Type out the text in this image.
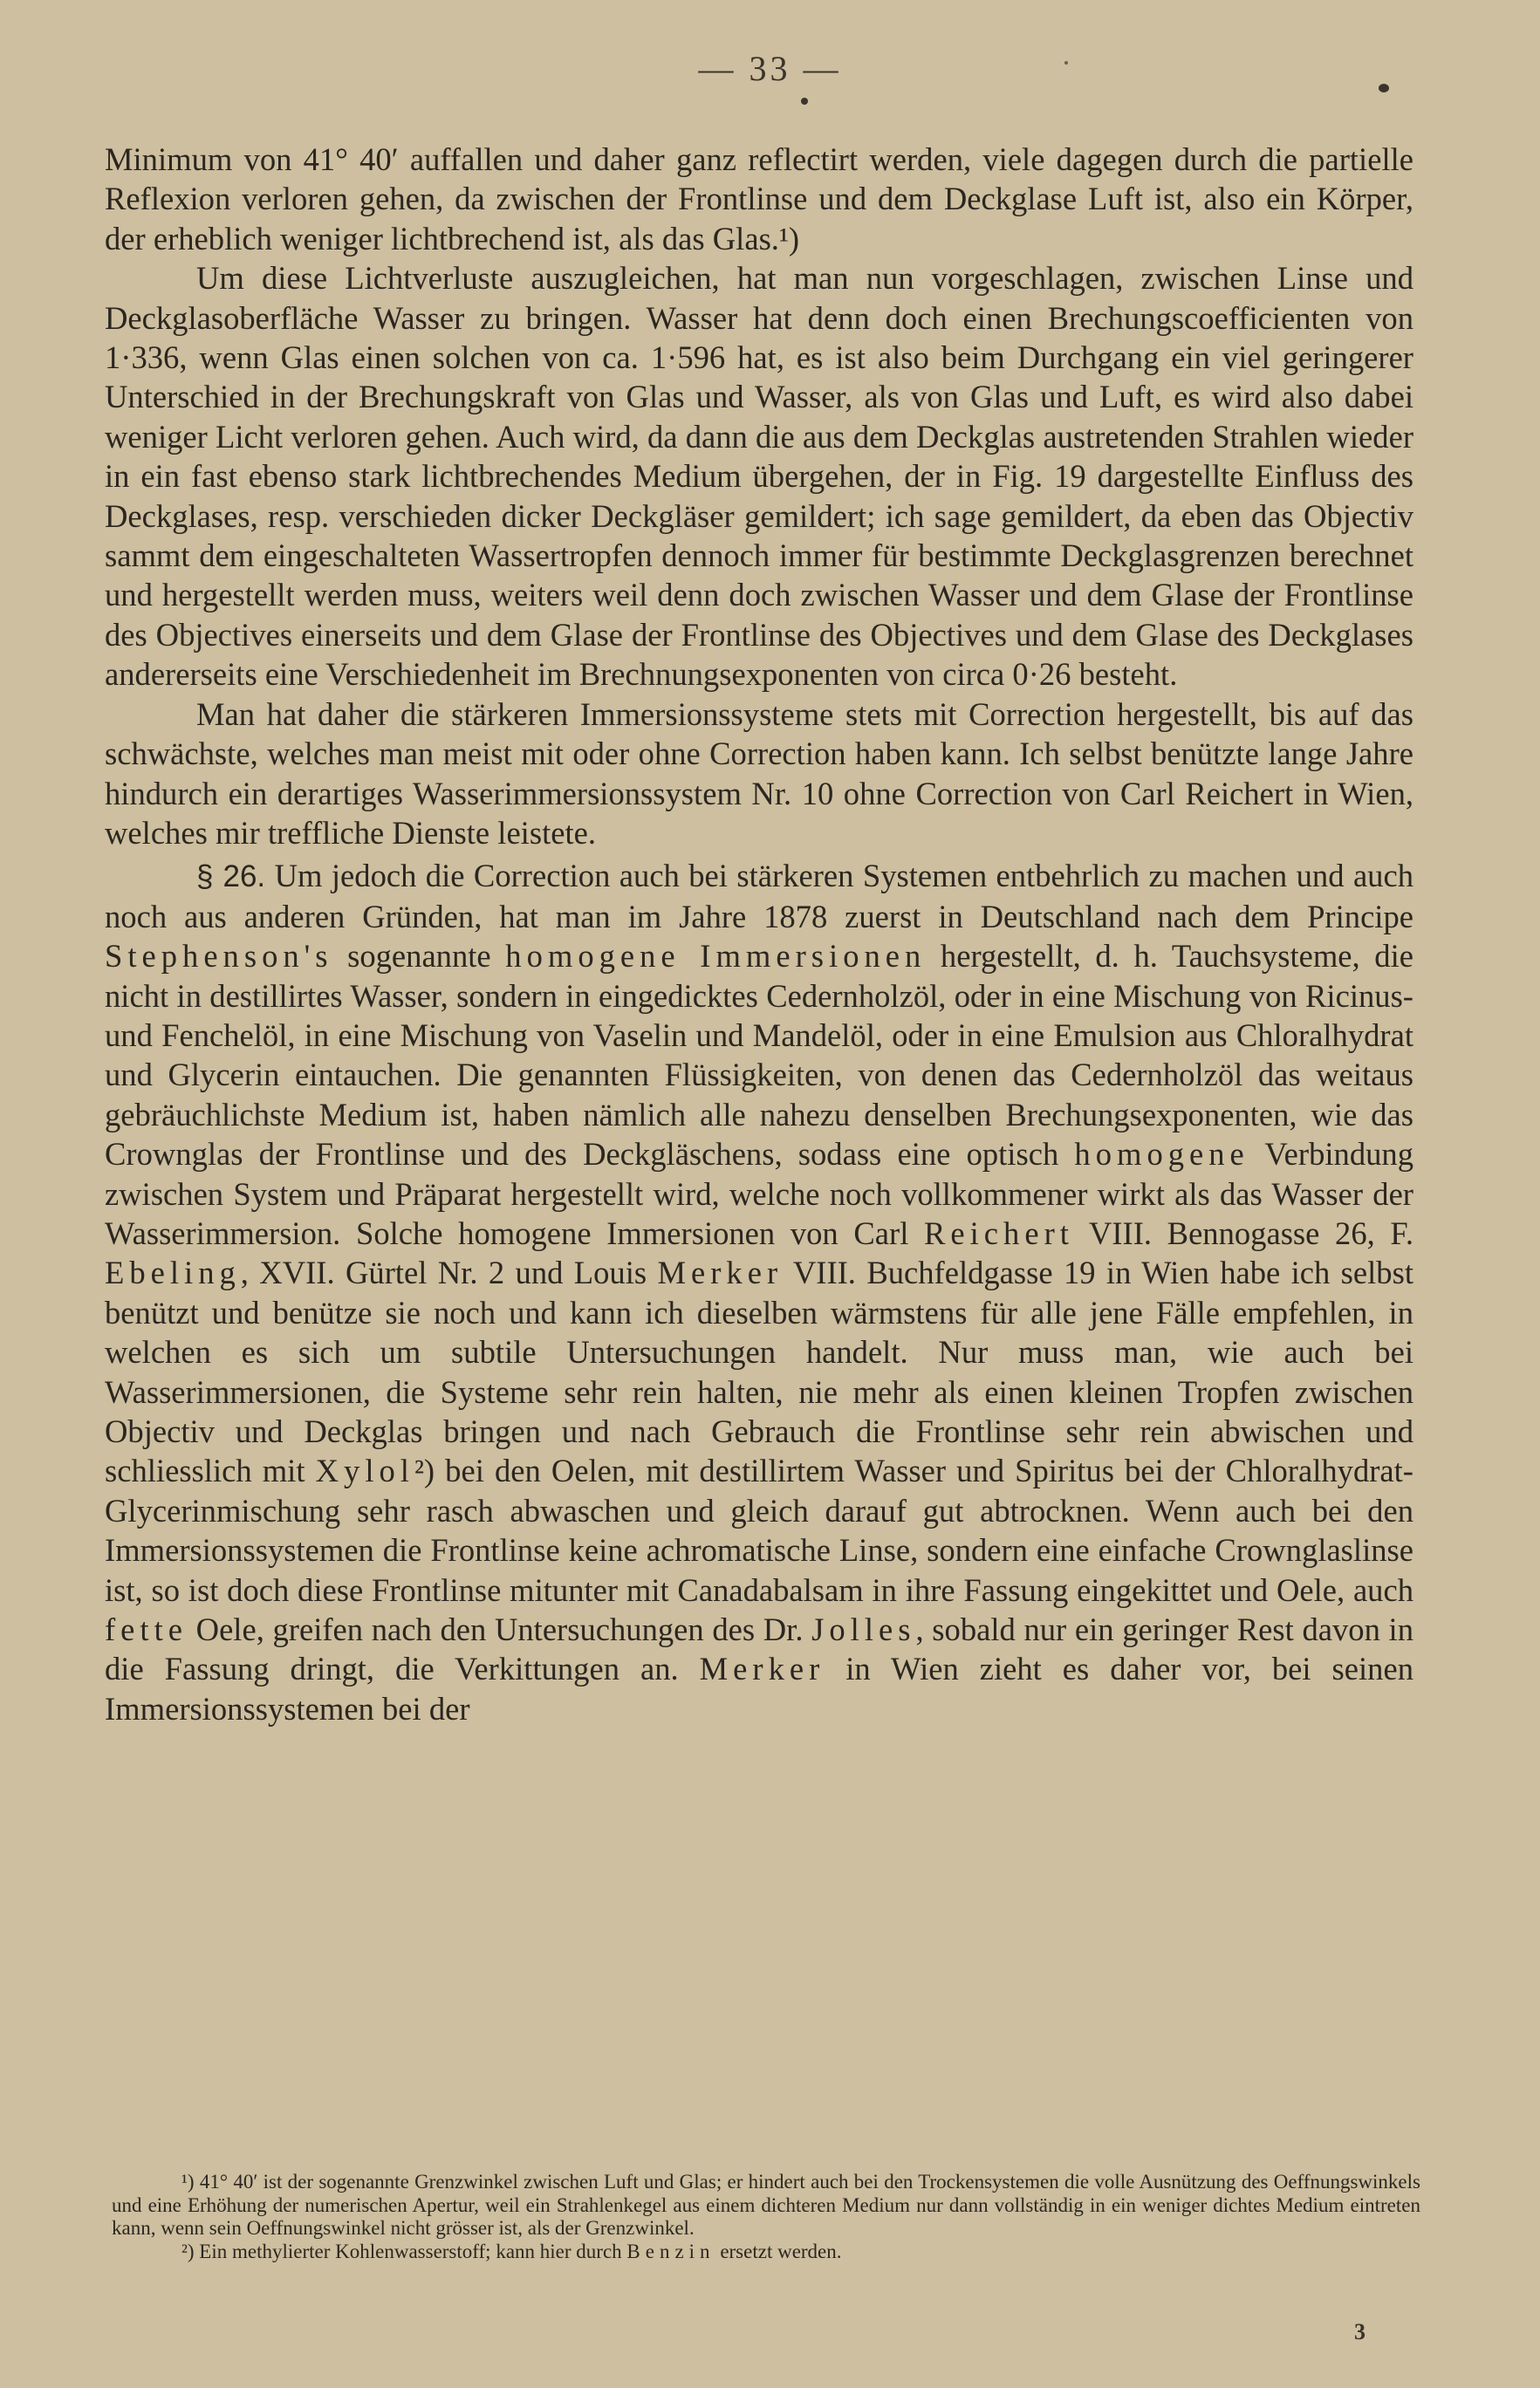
— 33 —

Minimum von 41° 40′ auffallen und daher ganz reflectirt werden, viele dagegen durch die partielle Reflexion verloren gehen, da zwischen der Frontlinse und dem Deckglase Luft ist, also ein Körper, der erheblich weniger lichtbrechend ist, als das Glas.¹)

Um diese Lichtverluste auszugleichen, hat man nun vorgeschlagen, zwischen Linse und Deckglasoberfläche Wasser zu bringen. Wasser hat denn doch einen Brechungscoefficienten von 1·336, wenn Glas einen solchen von ca. 1·596 hat, es ist also beim Durchgang ein viel geringerer Unterschied in der Brechungskraft von Glas und Wasser, als von Glas und Luft, es wird also dabei weniger Licht verloren gehen. Auch wird, da dann die aus dem Deckglas austretenden Strahlen wieder in ein fast ebenso stark lichtbrechendes Medium übergehen, der in Fig. 19 dargestellte Einfluss des Deckglases, resp. verschieden dicker Deckgläser gemildert; ich sage gemildert, da eben das Objectiv sammt dem eingeschalteten Wassertropfen dennoch immer für bestimmte Deckglasgrenzen berechnet und hergestellt werden muss, weiters weil denn doch zwischen Wasser und dem Glase der Frontlinse des Objectives einerseits und dem Glase der Frontlinse des Objectives und dem Glase des Deckglases andererseits eine Verschiedenheit im Brechnungsexponenten von circa 0·26 besteht.

Man hat daher die stärkeren Immersionssysteme stets mit Correction hergestellt, bis auf das schwächste, welches man meist mit oder ohne Correction haben kann. Ich selbst benützte lange Jahre hindurch ein derartiges Wasserimmersionssystem Nr. 10 ohne Correction von Carl Reichert in Wien, welches mir treffliche Dienste leistete.

§ 26. Um jedoch die Correction auch bei stärkeren Systemen entbehrlich zu machen und auch noch aus anderen Gründen, hat man im Jahre 1878 zuerst in Deutschland nach dem Principe Stephenson's sogenannte homogene Immersionen hergestellt, d. h. Tauchsysteme, die nicht in destillirtes Wasser, sondern in eingedicktes Cedernholzöl, oder in eine Mischung von Ricinus- und Fenchelöl, in eine Mischung von Vaselin und Mandelöl, oder in eine Emulsion aus Chloralhydrat und Glycerin eintauchen. Die genannten Flüssigkeiten, von denen das Cedernholzöl das weitaus gebräuchlichste Medium ist, haben nämlich alle nahezu denselben Brechungsexponenten, wie das Crownglas der Frontlinse und des Deckgläschens, sodass eine optisch homogene Verbindung zwischen System und Präparat hergestellt wird, welche noch vollkommener wirkt als das Wasser der Wasserimmersion. Solche homogene Immersionen von Carl Reichert VIII. Bennogasse 26, F. Ebeling, XVII. Gürtel Nr. 2 und Louis Merker VIII. Buchfeldgasse 19 in Wien habe ich selbst benützt und benütze sie noch und kann ich dieselben wärmstens für alle jene Fälle empfehlen, in welchen es sich um subtile Untersuchungen handelt. Nur muss man, wie auch bei Wasserimmersionen, die Systeme sehr rein halten, nie mehr als einen kleinen Tropfen zwischen Objectiv und Deckglas bringen und nach Gebrauch die Frontlinse sehr rein abwischen und schliesslich mit Xylol²) bei den Oelen, mit destillirtem Wasser und Spiritus bei der Chloralhydrat-Glycerinmischung sehr rasch abwaschen und gleich darauf gut abtrocknen. Wenn auch bei den Immersionssystemen die Frontlinse keine achromatische Linse, sondern eine einfache Crownglaslinse ist, so ist doch diese Frontlinse mitunter mit Canadabalsam in ihre Fassung eingekittet und Oele, auch fette Oele, greifen nach den Untersuchungen des Dr. Jolles, sobald nur ein geringer Rest davon in die Fassung dringt, die Verkittungen an. Merker in Wien zieht es daher vor, bei seinen Immersionssystemen bei der

¹) 41° 40′ ist der sogenannte Grenzwinkel zwischen Luft und Glas; er hindert auch bei den Trockensystemen die volle Ausnützung des Oeffnungswinkels und eine Erhöhung der numerischen Apertur, weil ein Strahlenkegel aus einem dichteren Medium nur dann vollständig in ein weniger dichtes Medium eintreten kann, wenn sein Oeffnungswinkel nicht grösser ist, als der Grenzwinkel.

²) Ein methylierter Kohlenwasserstoff; kann hier durch Benzin ersetzt werden.

3
